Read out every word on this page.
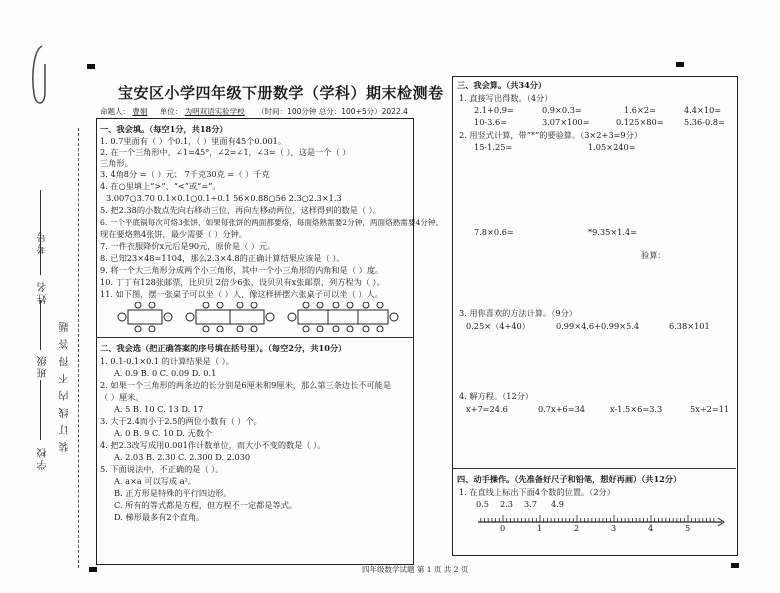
学校
班级
姓名
考号
装 订 线 内 不 得 答 题
宝安区小学四年级下册数学（学科）期末检测卷
命题人： 曹娟 单位： 为明双语实验学校 （时间：100分钟 总分：100+5分）2022.4
一、我会填。（每空1分，共18分）
1. 0.7里面有（ ）个0.1，（ ）里面有45个0.001。
2. 在一个三角形中，∠1=45°，∠2=∠1，∠3=（ ），这是一个（ ）
三角形。
3. 4角8分 =（ ）元； 7千克30克 =（ ）千克
4. 在○里填上“>”、“<”或“=”。
3.007○3.70 0.1×0.1○0.1÷0.1 56×0.88○56 2.3○2.3×1.3
5. 把2.38的小数点先向右移动三位，再向左移动两位，这样得到的数是（ ）。
6. 一个平底锅每次可烙3张饼，如果每张饼的两面都要烙，每面烙熟需要2分钟，两面烙熟需要4分钟。
现在要烙熟4张饼，最少需要（ ）分钟。
7. 一件衣服降价x元后是90元，原价是（ ）元。
8. 已知23×48=1104，那么2.3×4.8的正确计算结果应该是（ ）。
9. 将一个大三角形分成两个小三角形，其中一个小三角形的内角和是（ ）度。
10. 丁丁有128张邮票，比贝贝 2倍少6张，设贝贝有x张邮票，列方程为（ ）。
11. 如下图，摆一张桌子可以坐（ ）人，像这样拼摆六张桌子可以坐（ ）人。
二、我会选（把正确答案的序号填在括号里）。（每空2分，共10分）
1. 0.1-0.1×0.1 的计算结果是（ ）。
A. 0.9 B. 0 C. 0.09 D. 0.1
2. 如果一个三角形的两条边的长分别是6厘米和9厘米，那么第三条边长不可能是
（ ）厘米。
A. 5 B. 10 C. 13 D. 17
3. 大于2.4而小于2.5的两位小数有（ ）个。
A. 0 B. 9 C. 10 D. 无数个
4. 把2.3改写成用0.001作计数单位，而大小不变的数是（ ）。
A. 2.03 B. 2.30 C. 2.300 D. 2.030
5. 下面说法中，不正确的是（ ）。
A. a×a 可以写成 a²。
B. 正方形是特殊的平行四边形。
C. 所有的等式都是方程，但方程不一定都是等式。
D. 梯形最多有2个直角。
三、我会算。（共34分）
1. 直接写出得数。（4分）
2.1+0.9=	0.9×0.3=	1.6×2=	4.4×10=
10-3.6=	3.07×100=	0.125×80= 5.36-0.8=
2. 用竖式计算，带“*”的要验算。（3×2+3=9分）
15-1.25=	1.05×240=
7.8×0.6=	*9.35×1.4=
验算：
3. 用你喜欢的方法计算。（9分）
0.25×（4+40）	0.99×4.6+0.99×5.4	6.38×101
4. 解方程。（12分）
x+7=24.6	0.7x+6=34	x-1.5×6=3.3	5x÷2=11
四、动手操作。（先准备好尺子和铅笔，想好再画）（共12分）
1. 在直线上标出下面4个数的位置。（2分）
0.5 2.3 3.7 4.9
0	1	2	3	4	5
四年级数学试题 第 1 页 共 2 页
